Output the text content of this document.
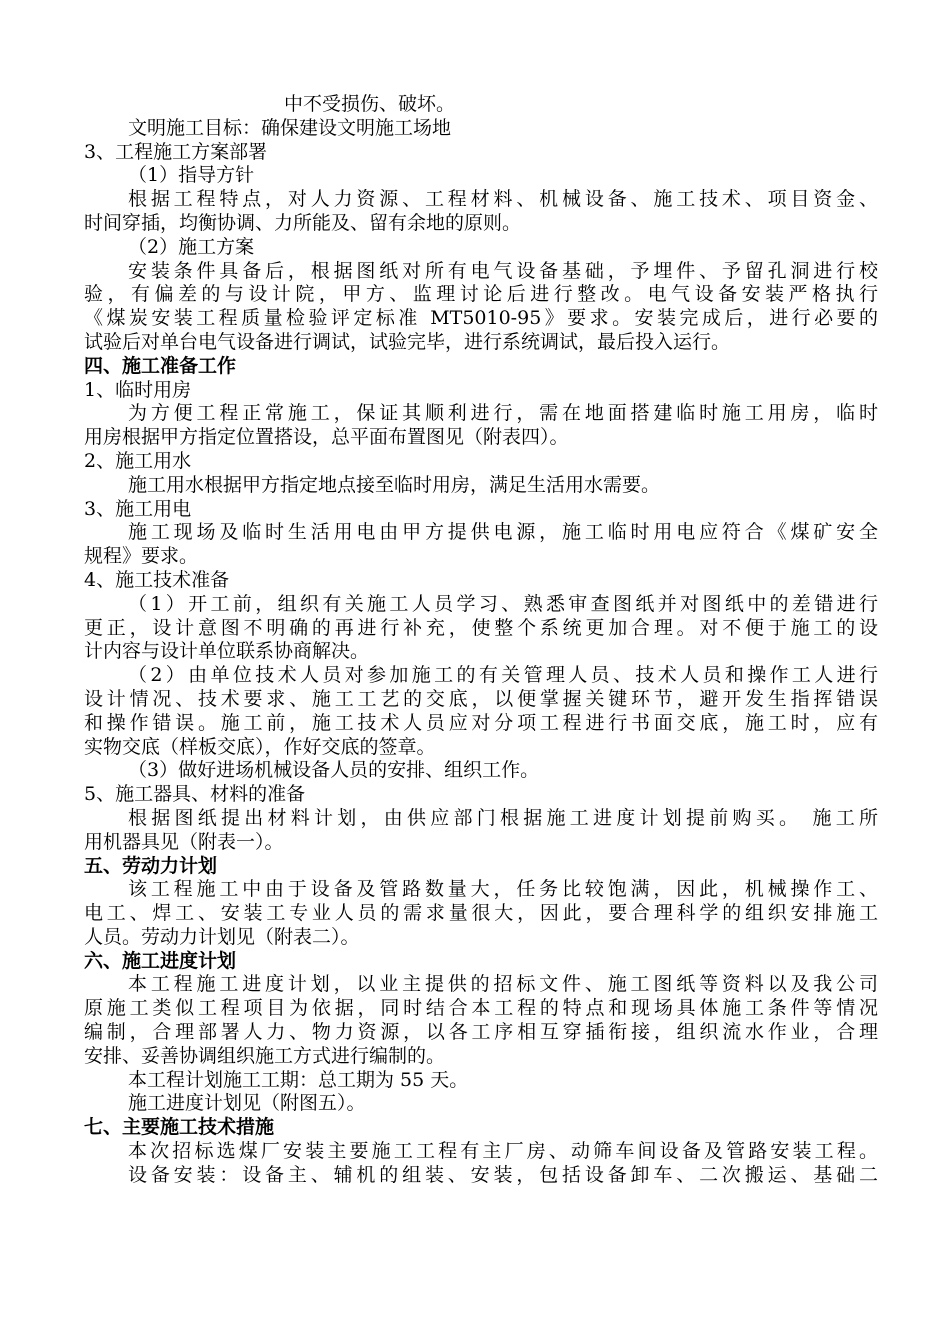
中不受损伤、破坏。
文明施工目标：确保建设文明施工场地
3、工程施工方案部署
（1）指导方针
根据工程特点，对人力资源、工程材料、机械设备、施工技术、项目资金、
时间穿插，均衡协调、力所能及、留有余地的原则。
（2）施工方案
安装条件具备后，根据图纸对所有电气设备基础，予埋件、予留孔洞进行校
验，有偏差的与设计院，甲方、监理讨论后进行整改。电气设备安装严格执行
《煤炭安装工程质量检验评定标准 MT5010-95》要求。安装完成后，进行必要的
试验后对单台电气设备进行调试，试验完毕，进行系统调试，最后投入运行。
四、施工准备工作
1、临时用房
为方便工程正常施工，保证其顺利进行，需在地面搭建临时施工用房，临时
用房根据甲方指定位置搭设，总平面布置图见（附表四）。
2、施工用水
施工用水根据甲方指定地点接至临时用房，满足生活用水需要。
3、施工用电
施工现场及临时生活用电由甲方提供电源，施工临时用电应符合《煤矿安全
规程》要求。
4、施工技术准备
（1）开工前，组织有关施工人员学习、熟悉审查图纸并对图纸中的差错进行
更正，设计意图不明确的再进行补充，使整个系统更加合理。对不便于施工的设
计内容与设计单位联系协商解决。
（2）由单位技术人员对参加施工的有关管理人员、技术人员和操作工人进行
设计情况、技术要求、施工工艺的交底，以便掌握关键环节，避开发生指挥错误
和操作错误。施工前，施工技术人员应对分项工程进行书面交底，施工时，应有
实物交底（样板交底），作好交底的签章。
（3）做好进场机械设备人员的安排、组织工作。
5、施工器具、材料的准备
根据图纸提出材料计划，由供应部门根据施工进度计划提前购买。 施工所
用机器具见（附表一）。
五、劳动力计划
该工程施工中由于设备及管路数量大，任务比较饱满，因此，机械操作工、
电工、焊工、安装工专业人员的需求量很大，因此，要合理科学的组织安排施工
人员。劳动力计划见（附表二）。
六、施工进度计划
本工程施工进度计划，以业主提供的招标文件、施工图纸等资料以及我公司
原施工类似工程项目为依据，同时结合本工程的特点和现场具体施工条件等情况
编制，合理部署人力、物力资源，以各工序相互穿插衔接，组织流水作业，合理
安排、妥善协调组织施工方式进行编制的。
本工程计划施工工期：总工期为 55 天。
施工进度计划见（附图五）。
七、主要施工技术措施
本次招标选煤厂安装主要施工工程有主厂房、动筛车间设备及管路安装工程。
设备安装：设备主、辅机的组装、安装，包括设备卸车、二次搬运、基础二
